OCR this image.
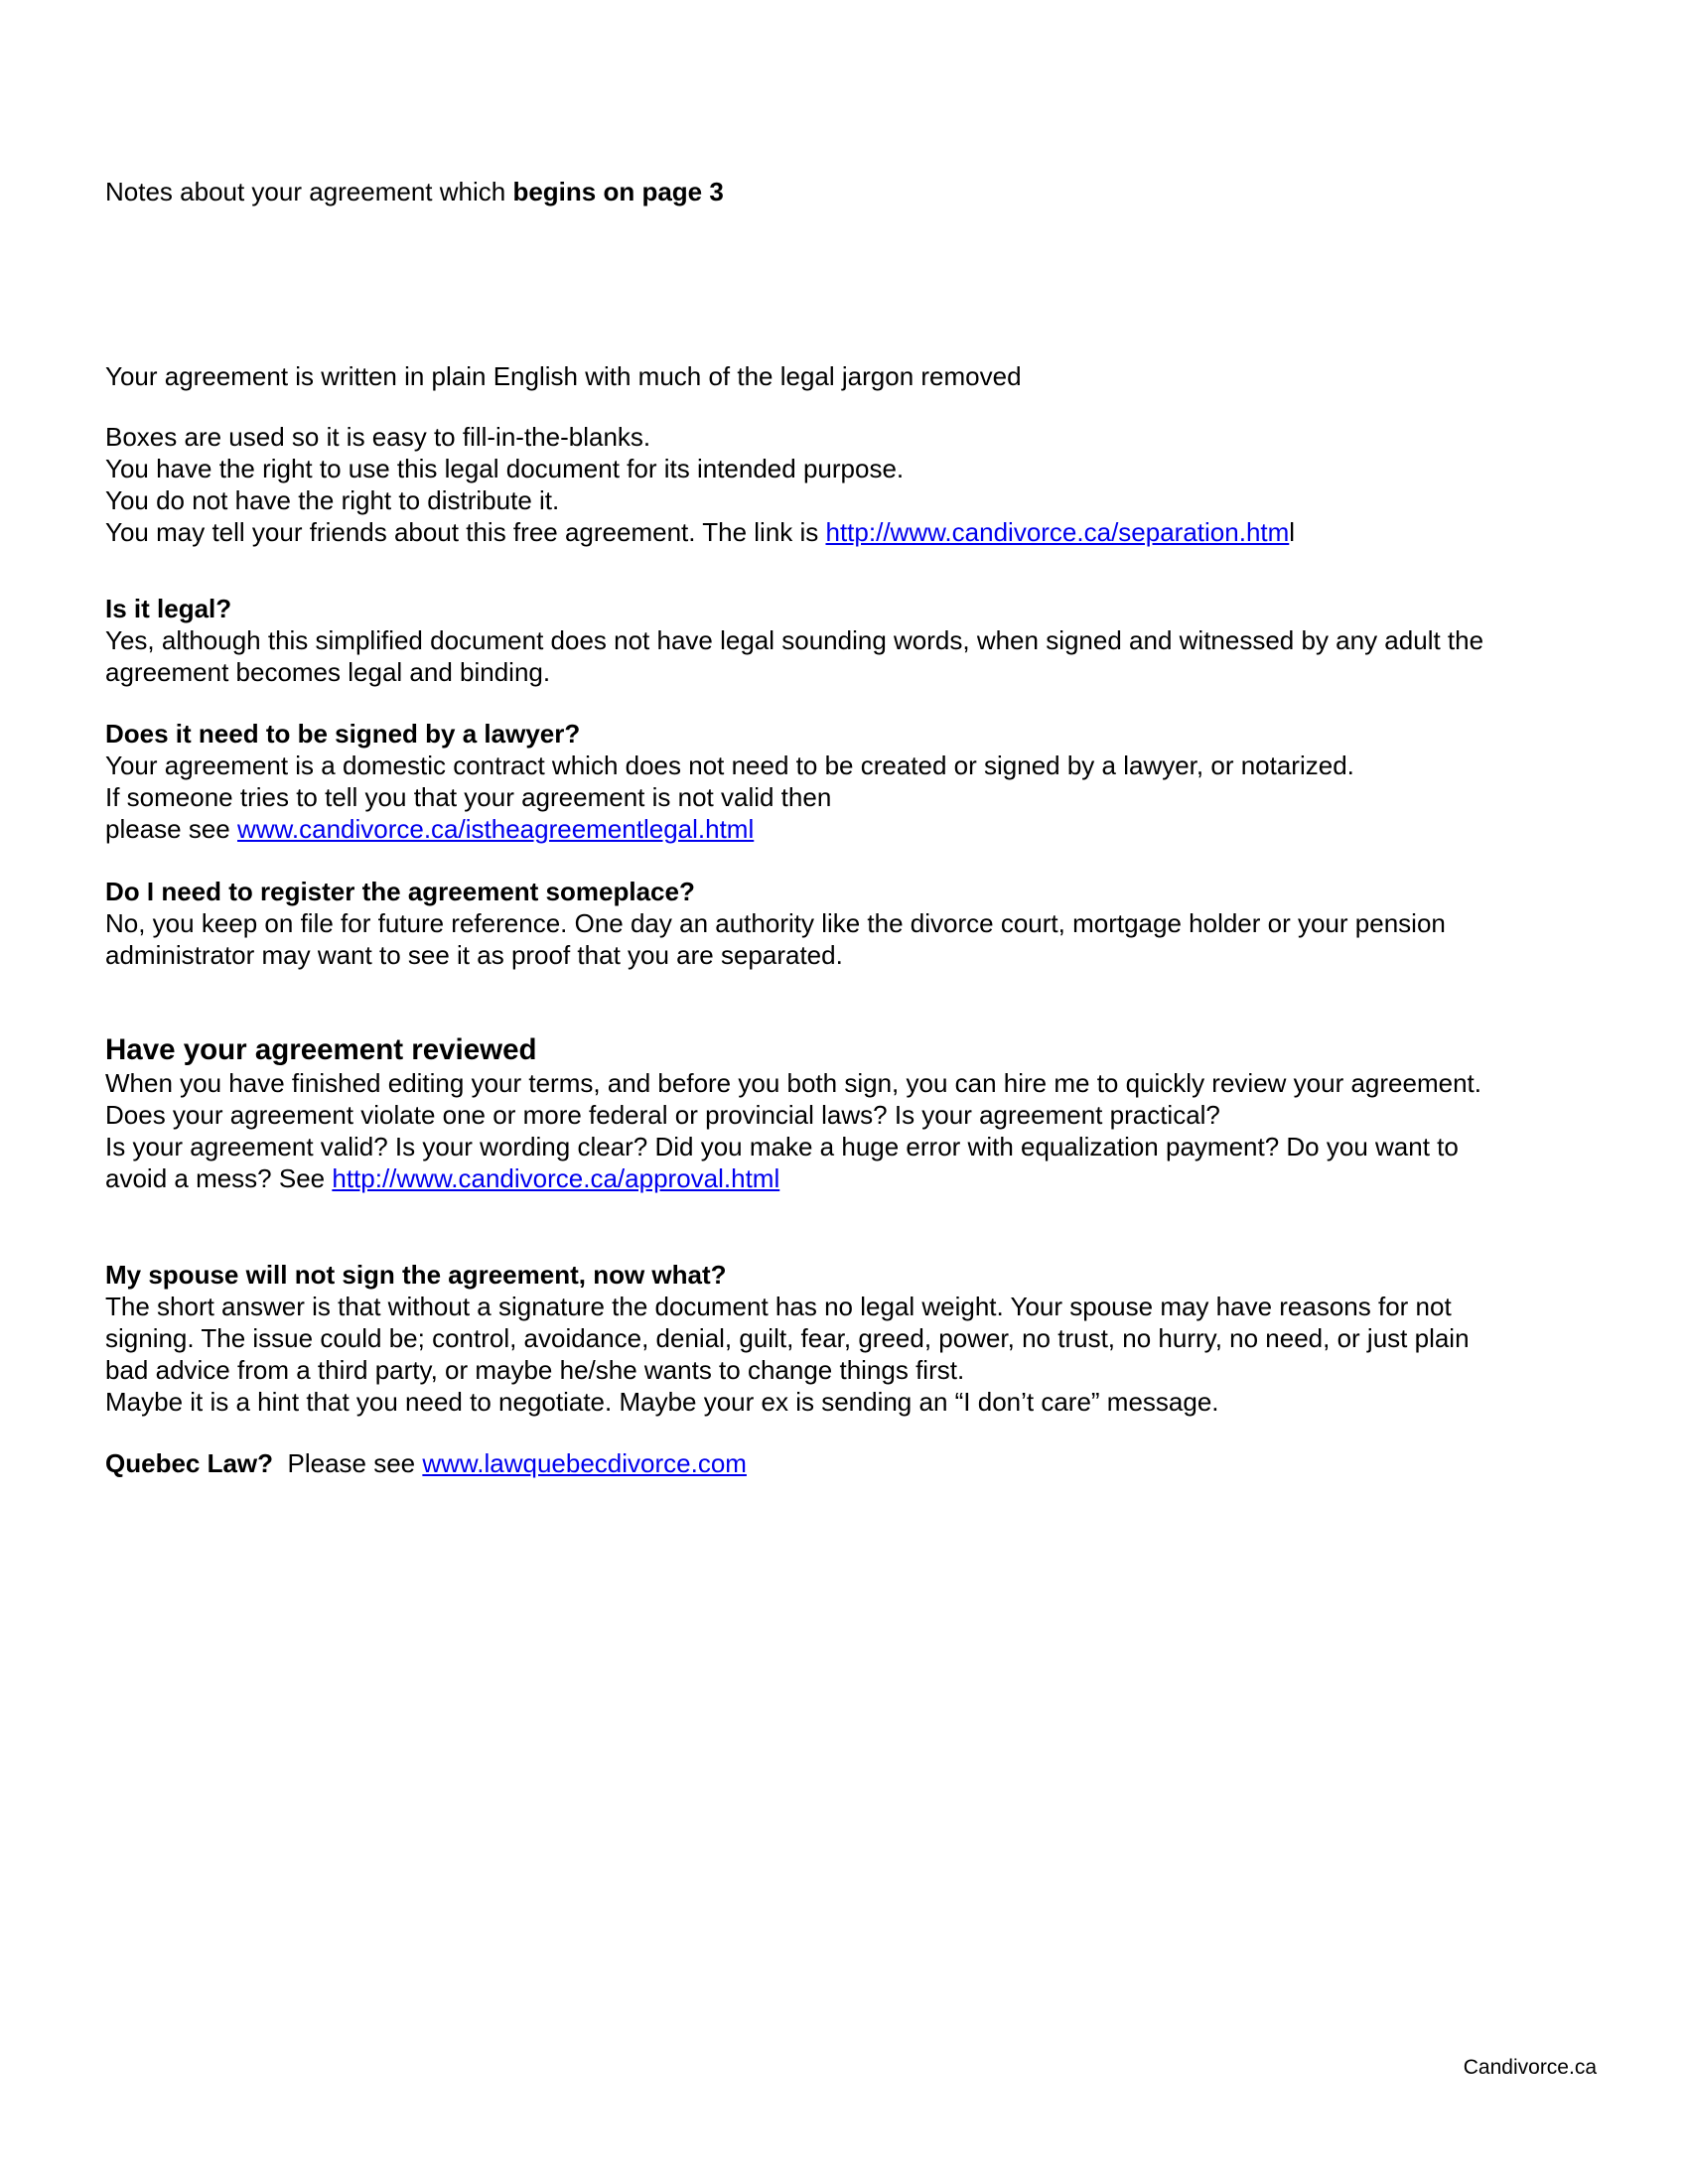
Notes about your agreement which begins on page 3

Your agreement is written in plain English with much of the legal jargon removed

Boxes are used so it is easy to fill-in-the-blanks.
You have the right to use this legal document for its intended purpose.
You do not have the right to distribute it.
You may tell your friends about this free agreement. The link is http://www.candivorce.ca/separation.html

Is it legal?
Yes, although this simplified document does not have legal sounding words, when signed and witnessed by any adult the
agreement becomes legal and binding.

Does it need to be signed by a lawyer?
Your agreement is a domestic contract which does not need to be created or signed by a lawyer, or notarized.
If someone tries to tell you that your agreement is not valid then
please see www.candivorce.ca/istheagreementlegal.html

Do I need to register the agreement someplace?
No, you keep on file for future reference. One day an authority like the divorce court, mortgage holder or your pension
administrator may want to see it as proof that you are separated.

Have your agreement reviewed
When you have finished editing your terms, and before you both sign, you can hire me to quickly review your agreement.
Does your agreement violate one or more federal or provincial laws? Is your agreement practical?
Is your agreement valid? Is your wording clear? Did you make a huge error with equalization payment? Do you want to
avoid a mess? See http://www.candivorce.ca/approval.html

My spouse will not sign the agreement, now what?
The short answer is that without a signature the document has no legal weight. Your spouse may have reasons for not
signing. The issue could be; control, avoidance, denial, guilt, fear, greed, power, no trust, no hurry, no need, or just plain
bad advice from a third party, or maybe he/she wants to change things first.
Maybe it is a hint that you need to negotiate. Maybe your ex is sending an “I don’t care” message.

Quebec Law?  Please see www.lawquebecdivorce.com

Candivorce.ca
